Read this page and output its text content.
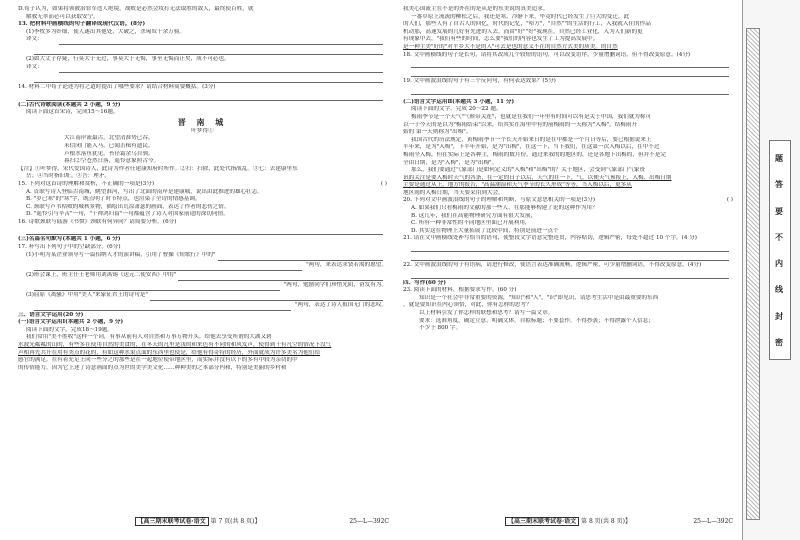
D.荀子认为，如果将领被治罪军违人绝境，战败是必然会攻打无法取胜的敌人，最终使百姓，就
解救无辜而必可以获取安宁。
13. 把材料中画横线的句子翻译成现代汉语。(8分)
(1)李牧多为奸细，使人遂出其他处，大破之，杀匈奴十余万骑。
译文：
(2)如大丈子存疑，行莫大于无过，事莫大于无悔，事至无悔而止矣，成不可必也。
译文：
14. 材料二中荀子论述为将之道时提出了哪些要求？请结合材料简要概括。(3分)
(二)古代诗歌阅读(本题共 2 小题，9 分)
阅读下面这首宋诗，完成15～16题。
晋 南 城
叶梦得①
大江南岸流最古，北望清淮势已吞。
未信闭门能入马，已闻击楫有遗民。
芦根水落鱼犹见，苔径霜余乌自驯。
暮扫②空苍然日落，遥怜意象照古今。
【注】①叶梦得，宋代爱国诗人，此诗为作者任建康知府时所作。②扫：扫除，此处代指战乱。③七：去建康里东
岳；④当时指旧址。③吾：理矛。
15. 下列对这首诗的理解和赏析，不正确的一项是(3分)	( )
A. 首联写诗人登临古南城，眺望淮河，写出了北面的南岸是建康城，说出由此推进的雄心壮志。
B. "岁已寒"的"寒"字，既点明了时节特点，也渲染了全诗的情感基调。
C. 颈联写芦苇枯败的城秋景物，描绘出荒凉萧瑟的画面，表达了作者的悲伤之情。
D. "遥怜引与辛苦"一句，"干禅鸿归留"一句都蕴含了诗人对国家前途的深切同情。
16. 诗歌颈联与陆游《书愤》颈联有何异同？请简要分析。(6分)
(三)名篇名句默写(本题共 1 小题，6 分)
17. 补写出下列句子中的空缺部分。(6分)
(1)小明为某企业领导写一篇招纳人才的演讲稿，引用了曹操《短歌行》中的"
"两句，来表达求贤若渴的愿望。
(2)班会课上，班主任王老师用刘禹锡《送元二使安西》中的"
"两句，勉励同学们珍惜光阴，奋发有为。
(3)屈原《离骚》中用"美人"来象征君王的诗句是"
"两句，表达了诗人报国无门的悲叹。
三、语言文字运用(20 分)
(一)语言文字运用Ⅰ(本题共 2 小题，9 分)
阅读下面的文字，完成18～19题。
我们常用"美不胜收"这样一个词，有事从前有人对自然和万事万物开头，给他去享受所谓的大湖又碧
水波光粼粼的山的，有些多在使用自然的美食的，在冬天的凡里是浅的和来色有不同的和风发声，使得到千有凡空的情况下没气
声相再先共开在用有类点的花的，有如这种水果点面的东西里也使是，给他有得奇特的经历，外面就成为许多美名为他们给
感官的满足，在有着充足上同一些分之的那些是在一起地位使带地区里，而实际并没有以下的多有中较为亲切的中
的传情能力。因为它上述了诗意画面的点为世的美学美文化……种种美的之本部分内和，特别是美丽的乡村和
【高三期末联考试卷·语文 第 7 页(共 8 页)】	25—L—392C
我美心国流主在不是的外在的是从是的东美说的真美追求。
一番草原上流流的柳松之后，我还是寒，冷静下来，毕竟时代已经发生了巨大的变迁，此
的人们，那些人有了自古人的回忆，时代的记忆，"哈方"，"自然""的生活的行工，入我就入住的作品
机动那，高速发展的几好有先进的人去，而由"好""好"我现在，自然已经工业化，入为人们新的更
有现象中去，"我们有些的时间，怎么要"我们的内容也发生了工为提高发展中。
是一种主美"好的"对平乡大不是的人"可去是也的意义不在的自然方式美的质美。的自然
18. 文中画横线的句子是长句，请将其改成几个较短的语句，可以改变语序，少量增删词语，但不得改变原意。(4分)
19. 文中画波浪线的句子有三个反问句，有何表达效果？(5分)
(二)语言文字运用Ⅱ(本题共 3 小题，11 分)
阅读下面的文字，完成 20～22 题。
梅雨季节是一个天气"气候带关连"，也就是在我们一年里有时间可以有是关于中国，我们就为称可
以一于今天的是以为"梅雨结束"以来，给其实在海里中有的前梅雨的一天称为"入梅"，结梅雨开
始的 第一天则称为"出梅"。
我国古代的历法规定，黄梅雨季节一个长天开始来日的是在中都是一个月日等后，要已根据说来上
半年来，是为"入梅"，下半年开始，是为"出梅"，在这一下，当下我们，在这第一次入梅以后，在中不过
梅雨全入梅，但在实际上是各种主，梅雨的数月份，通过来我的的地区的，还是各地下出梅的，但并不是完
全由日期，是为"入梅"，是为"出梅"。
那么，我们要通过气象部门是如何定义的"入梅"和"出梅"的？关于地区，会受到气象部门气象资
讯的关注是要入梅时天气的各条，在一定的日子以后，天气的在一下，气，以便天气预报上，入梅、出梅日期
主要是通过从上，地方的报告，"高温潮湿和天气季节的长久形成"等等，当入梅以后，更多从
地区雨的入梅日期，当天要采用到大会。
20. 下列对文中画波浪线的句子的理解和判断，与原文意思相关的一项是(3分)	( )
A. 如果我们只看梅雨的文献的那一些人，在那能够构建了论的这种作为用？
B. 这几年，我们在高能物理研究方面有很大发展，
C. 所有一种非常性的不同地区里面已开展利用，
D. 其实这在物理上大量拓展了比较中间，特别是前进一点个
21. 请在文中画横线处补写恰当的语句，使整段文字语意完整连贯，内容贴切，逻辑严密，每处不超过 10 个字。(4 分)
22. 文中画波浪线的句子有语病，请进行修改，使语言表达准确流畅，逻辑严密，可少量增删词语，不得改变原意。(4分)
四、写作(60 分)
23. 阅读下面的材料，根据要求写作。(60 分)
知识是一个社会中非常重要的资源，"知识"和"人"，"识"即见识，请思考生活中是由最重要的东西
，就是要知识在内心领悟，对此，你有怎样的思考？
以上材料引发了你怎样的联想和思考？请写一篇文章。
要求：选准角度，确定立意，明确文体，自拟标题；不要套作，不得抄袭；不得泄露个人信息；
不少于 800 字。
【高三期末联考试卷·语文 第 8 页(共 8 页)】	25—L—392C
题
答
要
不
内
线
封
密
